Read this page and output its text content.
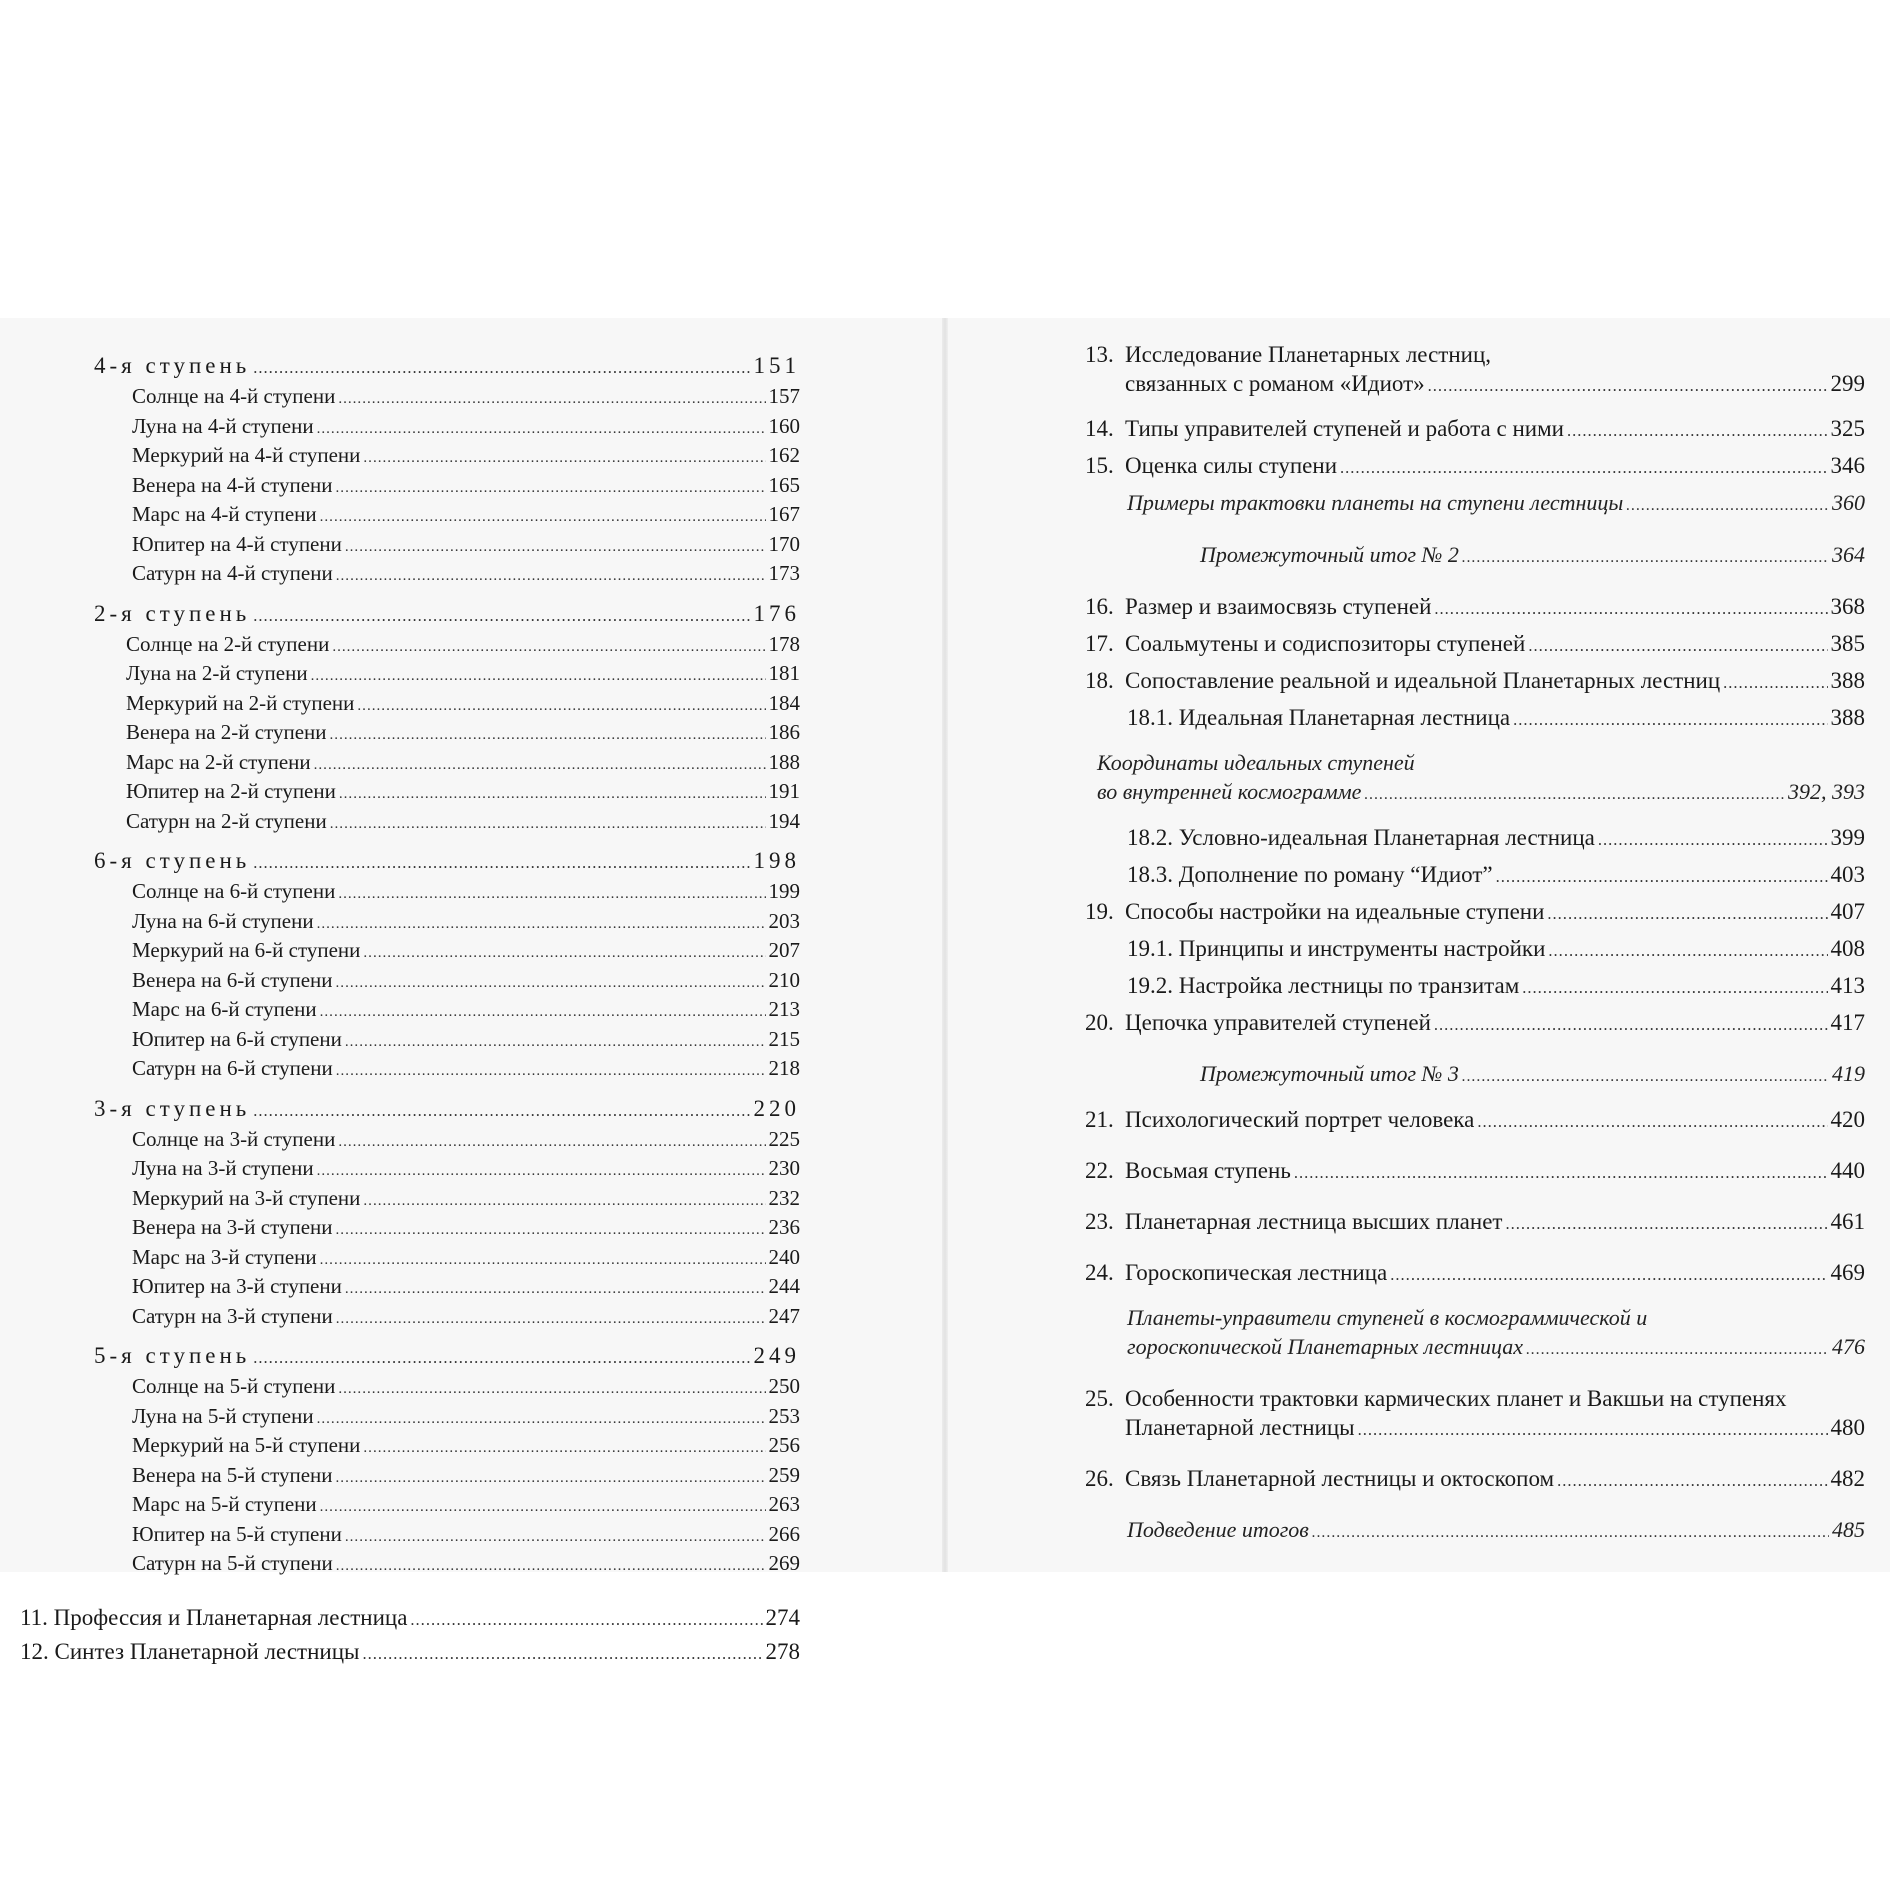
4-я ступень .....	151
Солнце на 4-й ступени .....	157
Луна на 4-й ступени .....	160
Меркурий на 4-й ступени .....	162
Венера на 4-й ступени .....	165
Марс на 4-й ступени .....	167
Юпитер на 4-й ступени .....	170
Сатурн на 4-й ступени .....	173
2-я ступень .....	176
Солнце на 2-й ступени .....	178
Луна на 2-й ступени .....	181
Меркурий на 2-й ступени .....	184
Венера на 2-й ступени .....	186
Марс на 2-й ступени .....	188
Юпитер на 2-й ступени .....	191
Сатурн на 2-й ступени .....	194
6-я ступень .....	198
Солнце на 6-й ступени .....	199
Луна на 6-й ступени .....	203
Меркурий на 6-й ступени .....	207
Венера на 6-й ступени .....	210
Марс на 6-й ступени .....	213
Юпитер на 6-й ступени .....	215
Сатурн на 6-й ступени .....	218
3-я ступень .....	220
Солнце на 3-й ступени .....	225
Луна на 3-й ступени .....	230
Меркурий на 3-й ступени .....	232
Венера на 3-й ступени .....	236
Марс на 3-й ступени .....	240
Юпитер на 3-й ступени .....	244
Сатурн на 3-й ступени .....	247
5-я ступень .....	249
Солнце на 5-й ступени .....	250
Луна на 5-й ступени .....	253
Меркурий на 5-й ступени .....	256
Венера на 5-й ступени .....	259
Марс на 5-й ступени .....	263
Юпитер на 5-й ступени .....	266
Сатурн на 5-й ступени .....	269
11. Профессия и Планетарная лестница .....	274
12. Синтез Планетарной лестницы .....	278
13. Исследование Планетарных лестниц,
связанных с романом «Идиот» .....	299
14. Типы управителей ступеней и работа с ними .....	325
15. Оценка силы ступени .....	346
Примеры трактовки планеты на ступени лестницы .....	360
Промежуточный итог № 2 .....	364
16. Размер и взаимосвязь ступеней .....	368
17. Соальмутены и содиспозиторы ступеней .....	385
18. Сопоставление реальной и идеальной Планетарных лестниц .....	388
18.1. Идеальная Планетарная лестница .....	388
Координаты идеальных ступеней
во внутренней космограмме .....	392, 393
18.2. Условно-идеальная Планетарная лестница .....	399
18.3. Дополнение по роману “Идиот” .....	403
19. Способы настройки на идеальные ступени .....	407
19.1. Принципы и инструменты настройки .....	408
19.2. Настройка лестницы по транзитам .....	413
20. Цепочка управителей ступеней .....	417
Промежуточный итог № 3 .....	419
21. Психологический портрет человека .....	420
22. Восьмая ступень .....	440
23. Планетарная лестница высших планет .....	461
24. Гороскопическая лестница .....	469
Планеты-управители ступеней в космограммической и
гороскопической Планетарных лестницах .....	476
25. Особенности трактовки кармических планет и Вакшьи на ступенях
Планетарной лестницы .....	480
26. Связь Планетарной лестницы и октоскопом .....	482
Подведение итогов .....	485
